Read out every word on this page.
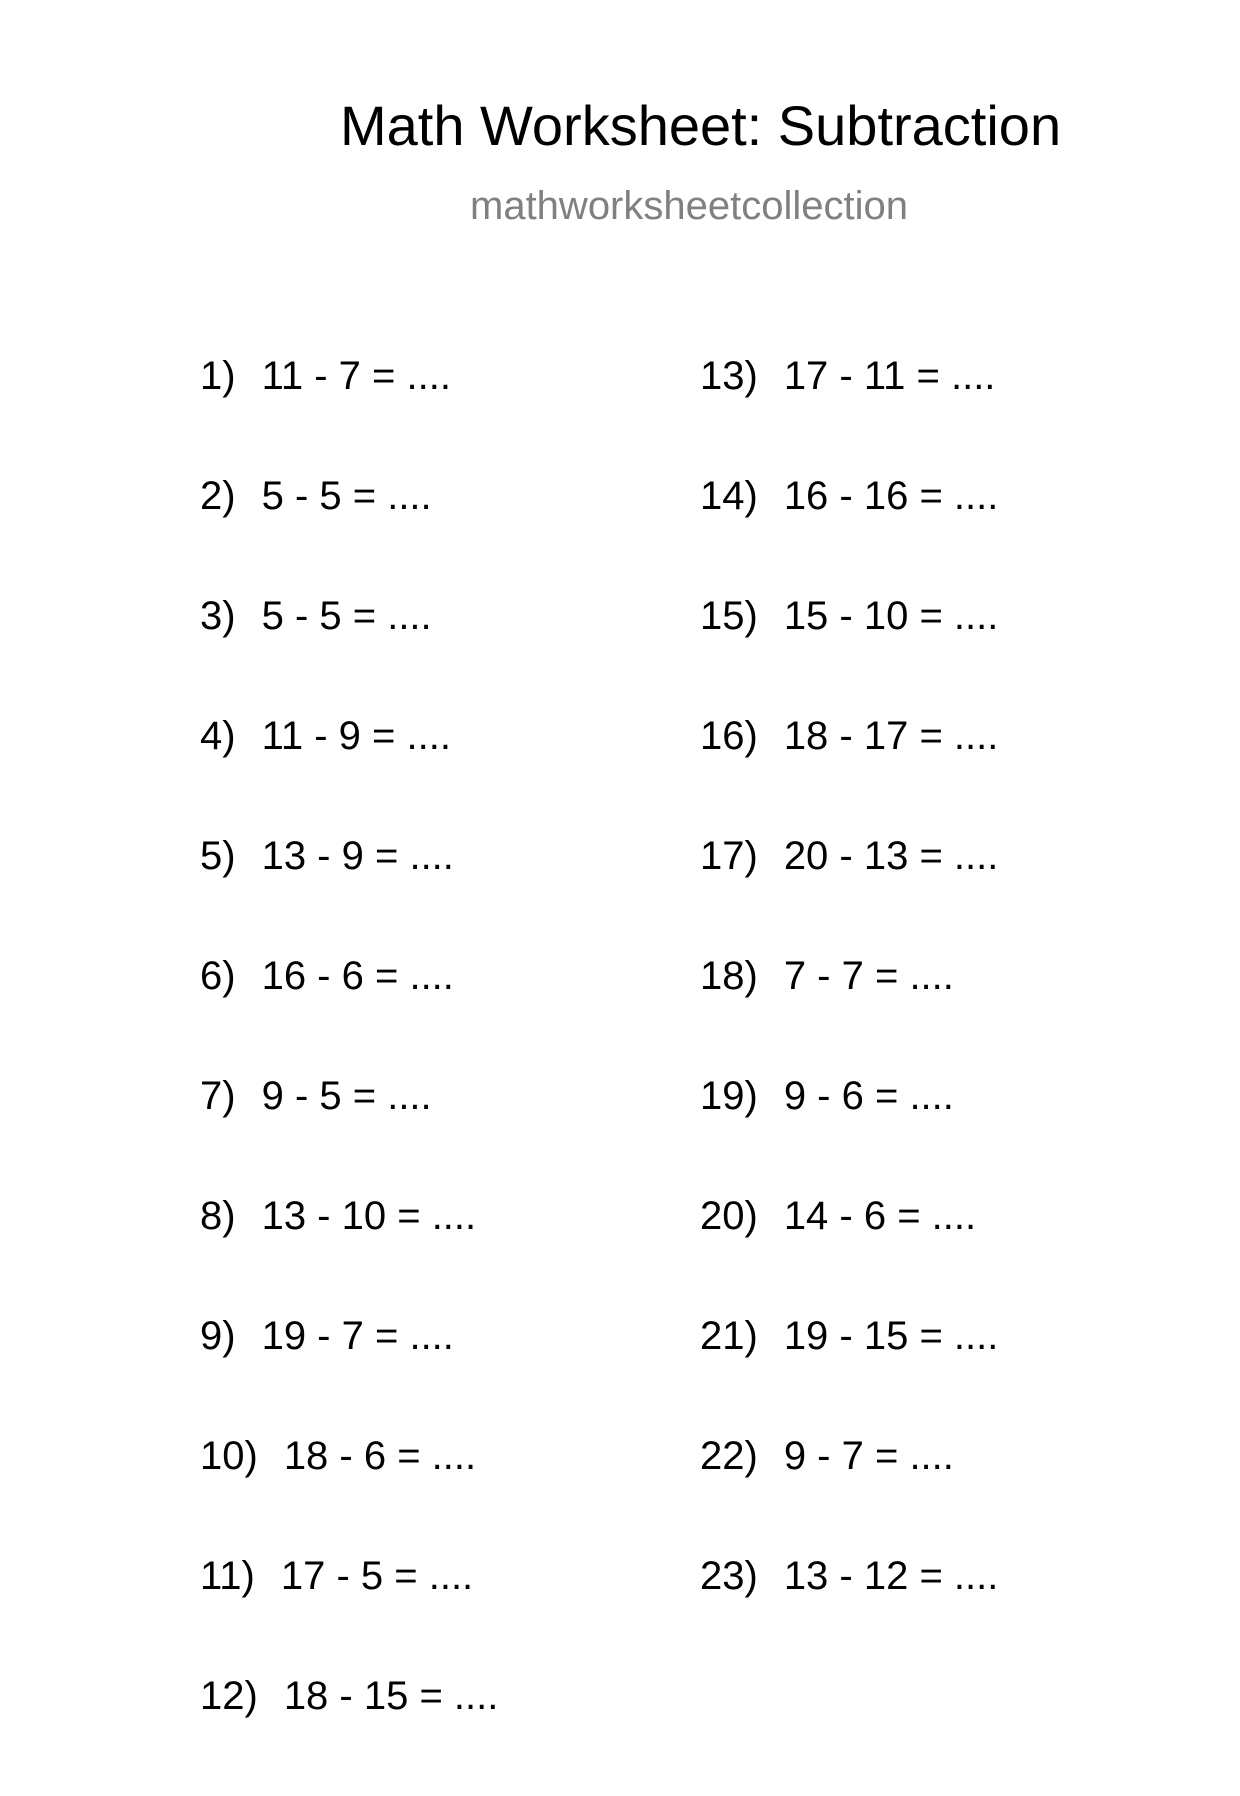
Math Worksheet: Subtraction
mathworksheetcollection
1) 11 - 7 = ....
2) 5 - 5 = ....
3) 5 - 5 = ....
4) 11 - 9 = ....
5) 13 - 9 = ....
6) 16 - 6 = ....
7) 9 - 5 = ....
8) 13 - 10 = ....
9) 19 - 7 = ....
10) 18 - 6 = ....
11) 17 - 5 = ....
12) 18 - 15 = ....
13) 17 - 11 = ....
14) 16 - 16 = ....
15) 15 - 10 = ....
16) 18 - 17 = ....
17) 20 - 13 = ....
18) 7 - 7 = ....
19) 9 - 6 = ....
20) 14 - 6 = ....
21) 19 - 15 = ....
22) 9 - 7 = ....
23) 13 - 12 = ....
